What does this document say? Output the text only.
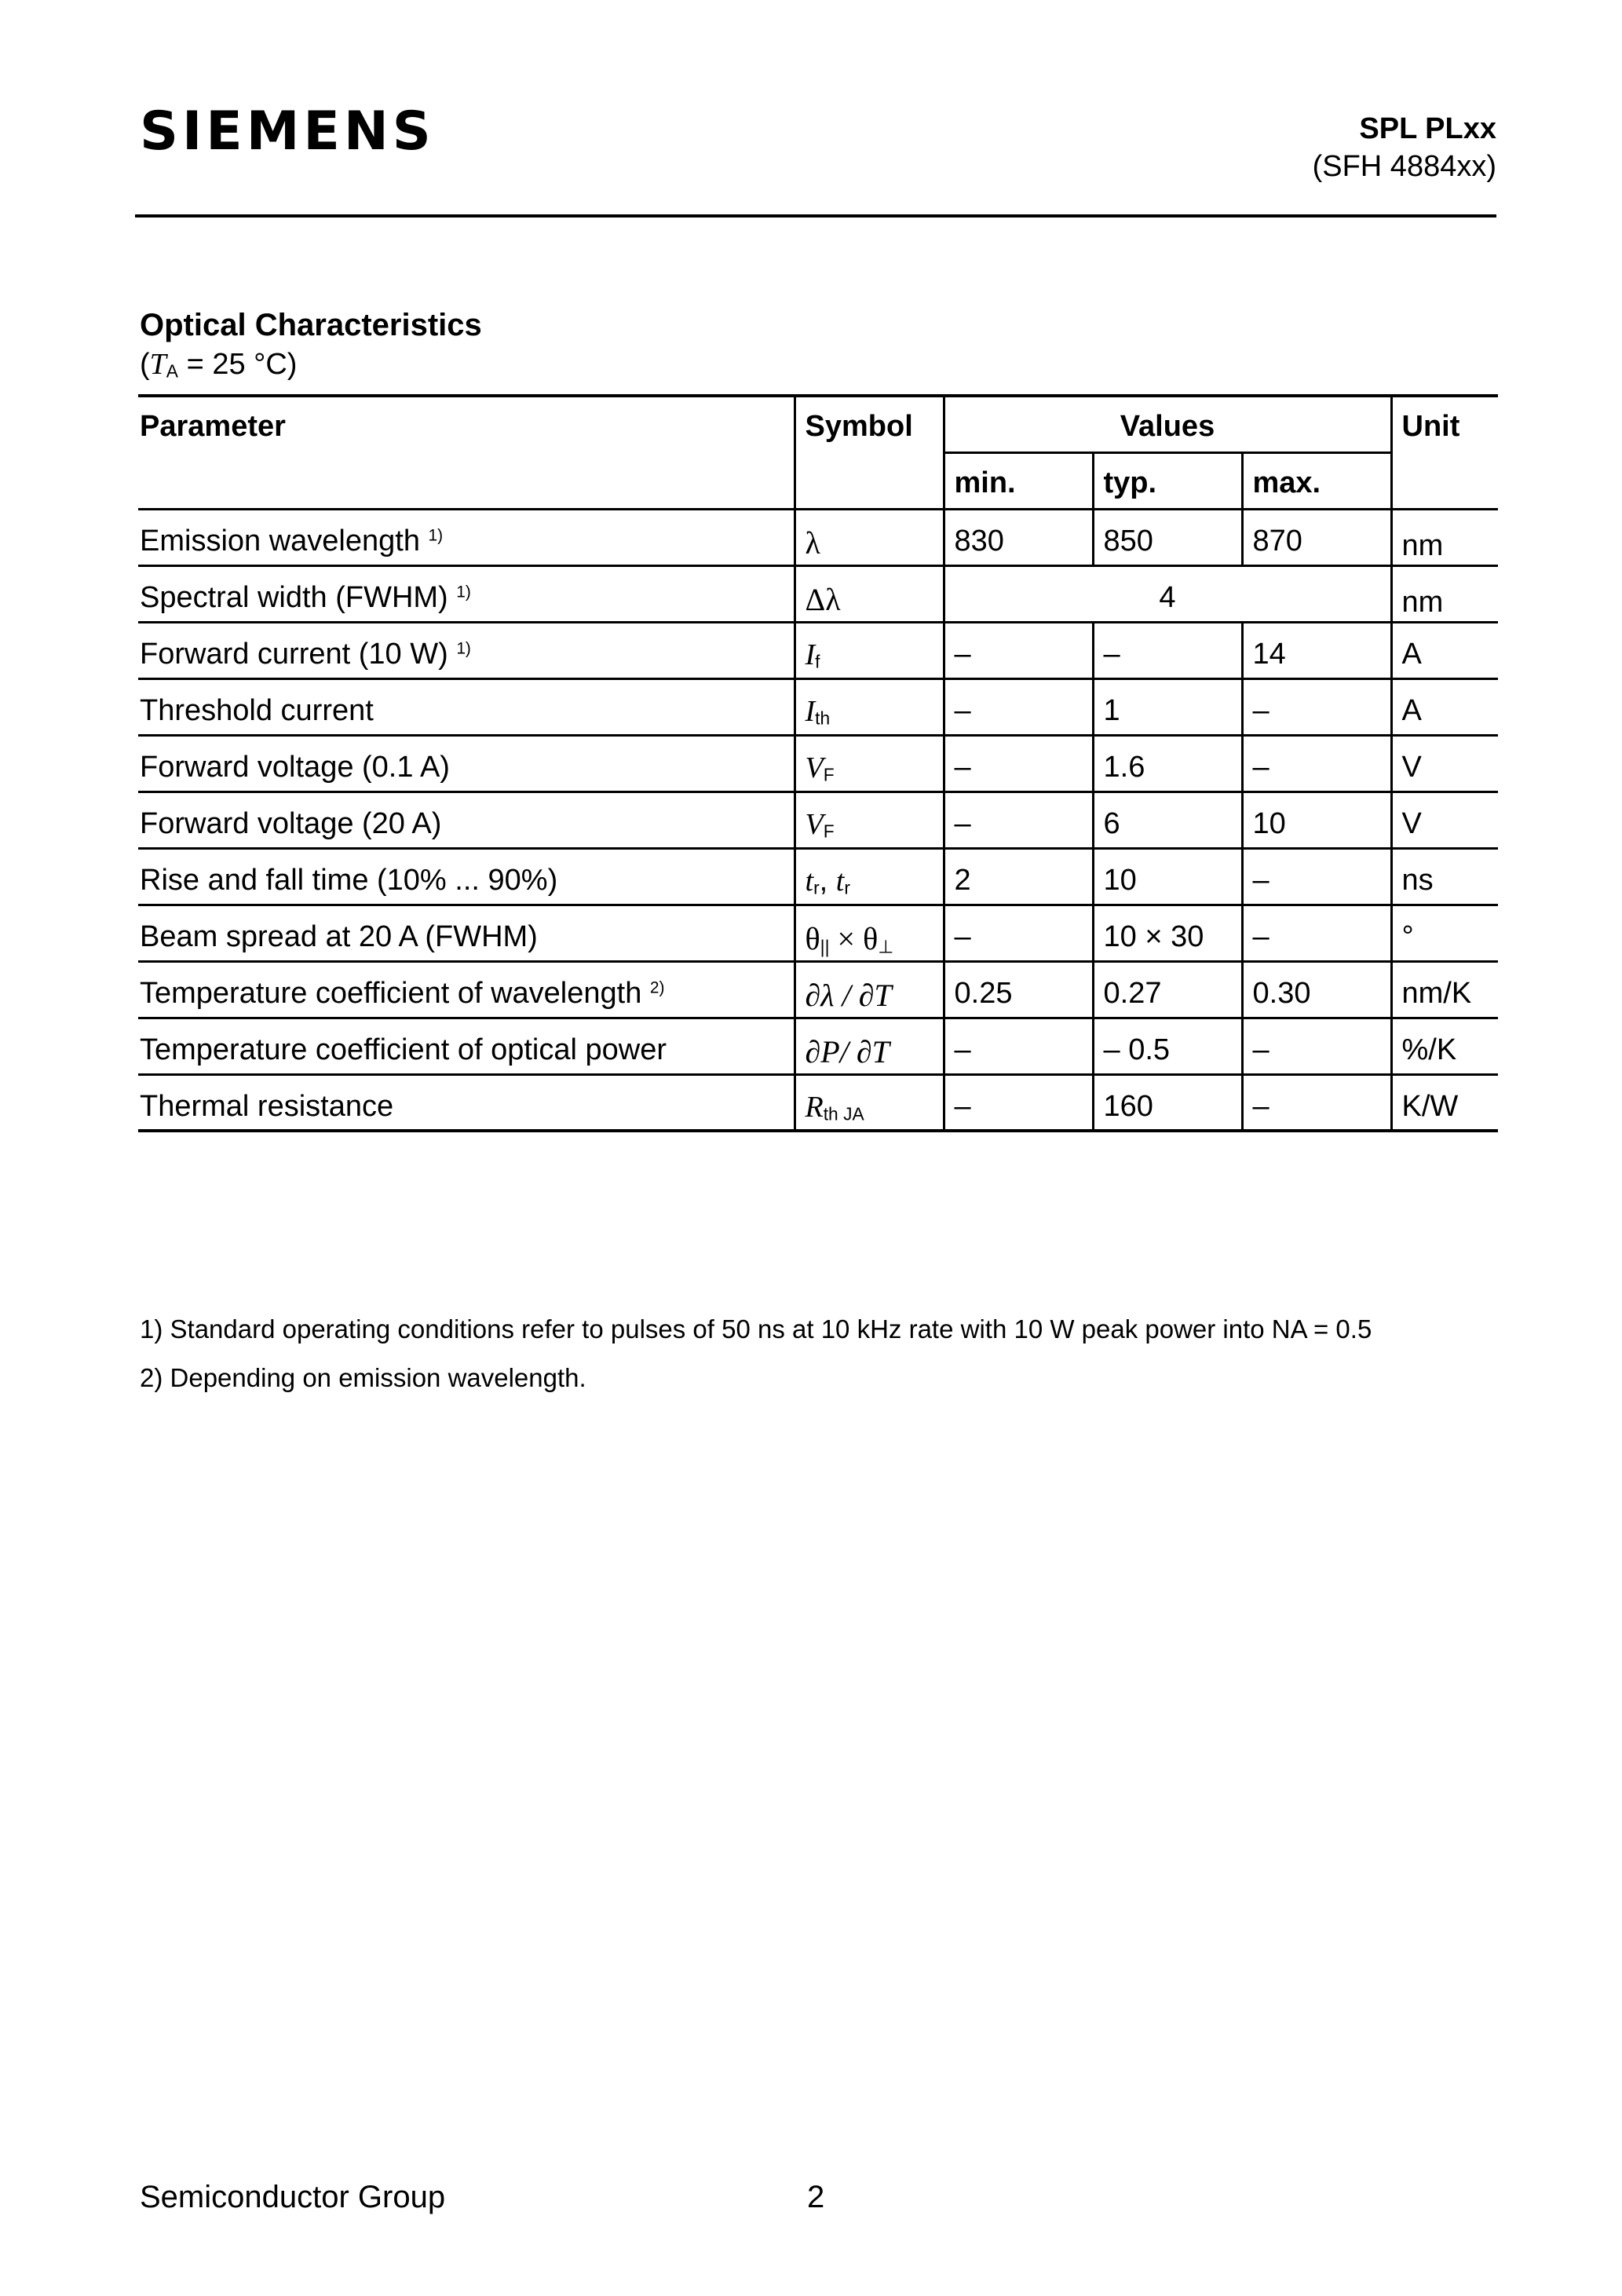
SIEMENS	SPL PLxx
(SFH 4884xx)
Optical Characteristics
(TA = 25 °C)
Parameter	Symbol	Values			Unit
		min.	typ.	max.	
Emission wavelength $^{1)}$	λ	830	850	870	nm
Spectral width (FWHM) $^{1)}$	Δλ	4			nm
Forward current (10 W) $^{1)}$	If	–	–	14	A
Threshold current	Ith	–	1	–	A
Forward voltage (0.1 A)	VF	–	1.6	–	V
Forward voltage (20 A)	VF	–	6	10	V
Rise and fall time (10% ... 90%)	tr, tr	2	10	–	ns
Beam spread at 20 A (FWHM)	θ|| × θ⊥	–	10 × 30	–	°
Temperature coefficient of wavelength $^{2)}$	∂λ / ∂T	0.25	0.27	0.30	nm/K
Temperature coefficient of optical power	∂P/ ∂T	–	– 0.5	–	%/K
Thermal resistance	Rth JA	–	160	–	K/W
1) Standard operating conditions refer to pulses of 50 ns at 10 kHz rate with 10 W peak power into NA = 0.5
2) Depending on emission wavelength.
Semiconductor Group	2
